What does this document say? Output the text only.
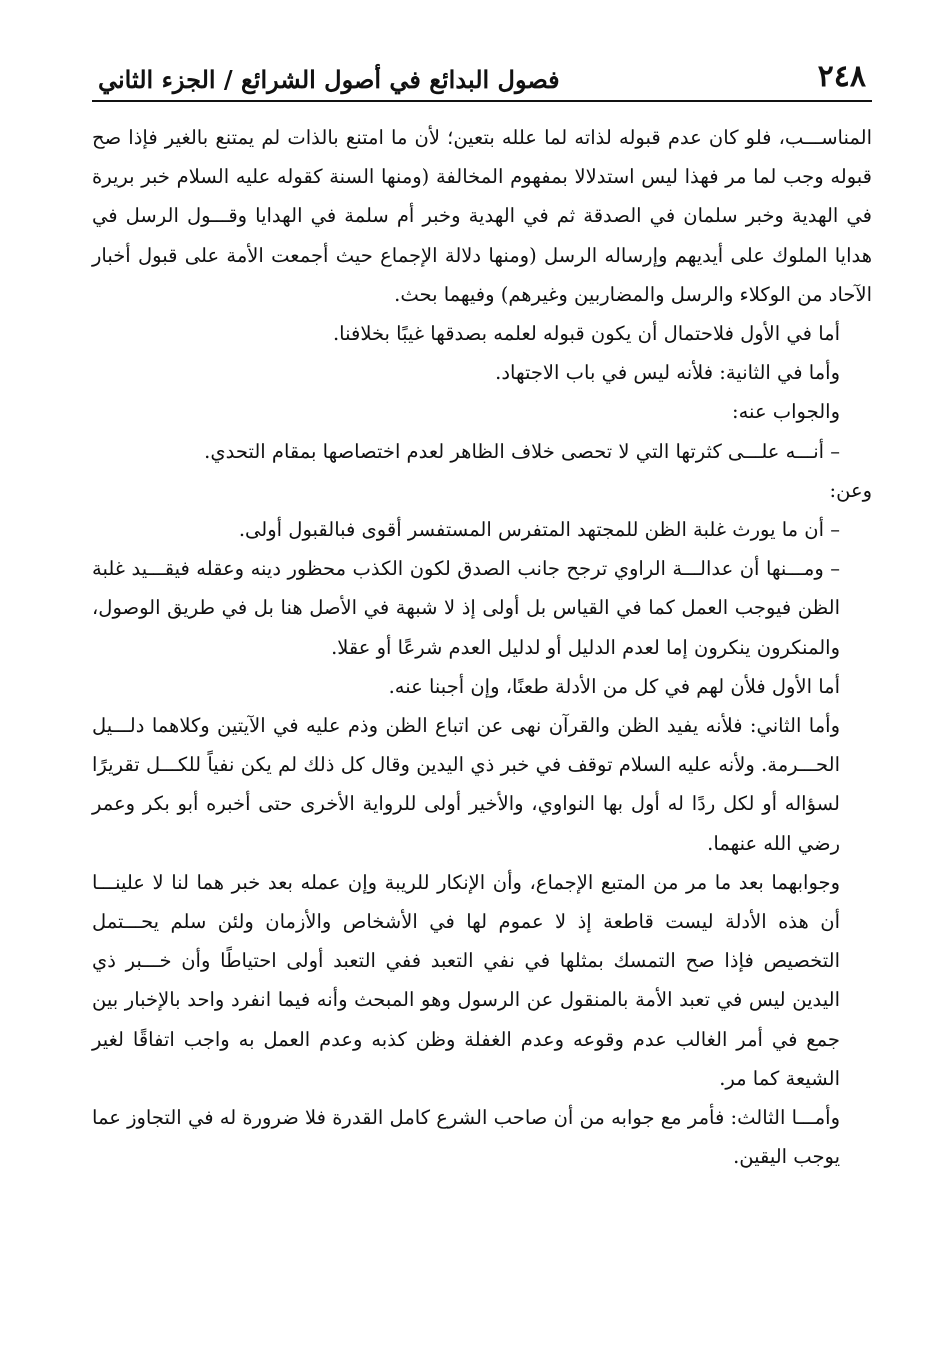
٢٤٨
فصول البدائع في أصول الشرائع / الجزء الثاني

المناســـب، فلو كان عدم قبوله لذاته لما علله بتعين؛ لأن ما امتنع بالذات لم يمتنع بالغير فإذا صح قبوله وجب لما مر فهذا ليس استدلالا بمفهوم المخالفة (ومنها السنة كقوله عليه السلام خبر بريرة في الهدية وخبر سلمان في الصدقة ثم في الهدية وخبر أم سلمة في الهدايا وقـــول الرسل في هدايا الملوك على أيديهم وإرساله الرسل (ومنها دلالة الإجماع حيث أجمعت الأمة على قبول أخبار الآحاد من الوكلاء والرسل والمضاربين وغيرهم) وفيهما بحث.

أما في الأول فلاحتمال أن يكون قبوله لعلمه بصدقها غيبًا بخلافنا.

وأما في الثانية: فلأنه ليس في باب الاجتهاد.

والجواب عنه:

– أنـــه علـــى كثرتها التي لا تحصى خلاف الظاهر لعدم اختصاصها بمقام التحدي.

وعن:

– أن ما يورث غلبة الظن للمجتهد المتفرس المستفسر أقوى فبالقبول أولى.

– ومـــنها أن عدالـــة الراوي ترجح جانب الصدق لكون الكذب محظور دينه وعقله فيقـــيد غلبة الظن فيوجب العمل كما في القياس بل أولى إذ لا شبهة في الأصل هنا بل في طريق الوصول، والمنكرون ينكرون إما لعدم الدليل أو لدليل العدم شرعًا أو عقلا.

أما الأول فلأن لهم في كل من الأدلة طعنًا، وإن أجبنا عنه.

وأما الثاني: فلأنه يفيد الظن والقرآن نهى عن اتباع الظن وذم عليه في الآيتين وكلاهما دلـــيل الحـــرمة. ولأنه عليه السلام توقف في خبر ذي اليدين وقال كل ذلك لم يكن نفياً للكـــل تقريرًا لسؤاله أو لكل ردًا له أول بها النواوي، والأخير أولى للرواية الأخرى حتى أخبره أبو بكر وعمر رضي الله عنهما.

وجوابهما بعد ما مر من المتبع الإجماع، وأن الإنكار للريبة وإن عمله بعد خبر هما لنا لا علينـــا أن هذه الأدلة ليست قاطعة إذ لا عموم لها في الأشخاص والأزمان ولئن سلم يحـــتمل التخصيص فإذا صح التمسك بمثلها في نفي التعبد ففي التعبد أولى احتياطًا وأن خـــبر ذي اليدين ليس في تعبد الأمة بالمنقول عن الرسول وهو المبحث وأنه فيما انفرد واحد بالإخبار بين جمع في أمر الغالب عدم وقوعه وعدم الغفلة وظن كذبه وعدم العمل به واجب اتفاقًا لغير الشيعة كما مر.

وأمـــا الثالث: فأمر مع جوابه من أن صاحب الشرع كامل القدرة فلا ضرورة له في التجاوز عما يوجب اليقين.
